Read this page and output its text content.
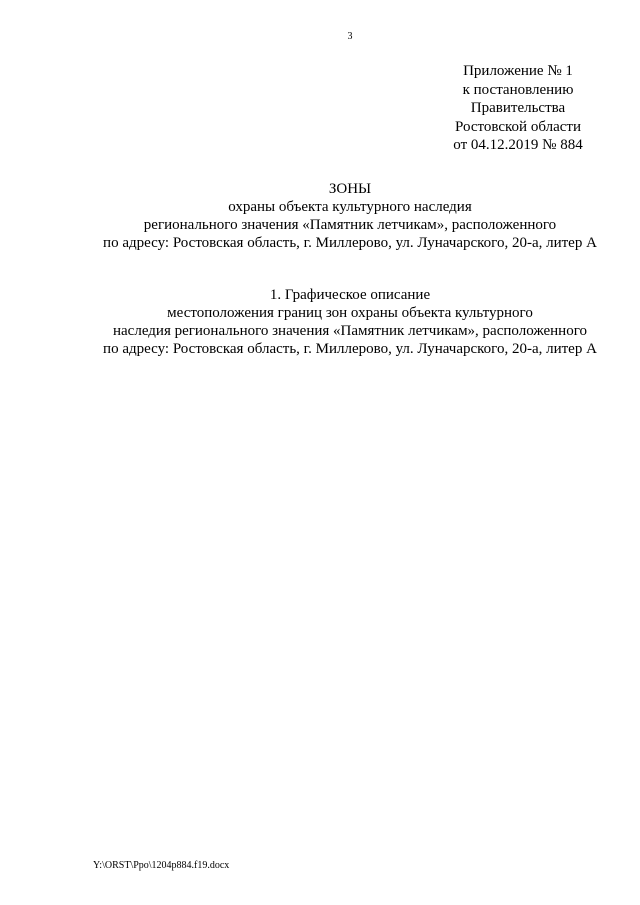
3
Приложение № 1
к постановлению
Правительства
Ростовской области
от 04.12.2019 № 884
ЗОНЫ
охраны объекта культурного наследия
регионального значения «Памятник летчикам», расположенного
по адресу: Ростовская область, г. Миллерово, ул. Луначарского, 20-а, литер А
1. Графическое описание
местоположения границ зон охраны объекта культурного
наследия регионального значения «Памятник летчикам», расположенного
по адресу: Ростовская область, г. Миллерово, ул. Луначарского, 20-а, литер А
Y:\ORST\Ppo\1204p884.f19.docx
